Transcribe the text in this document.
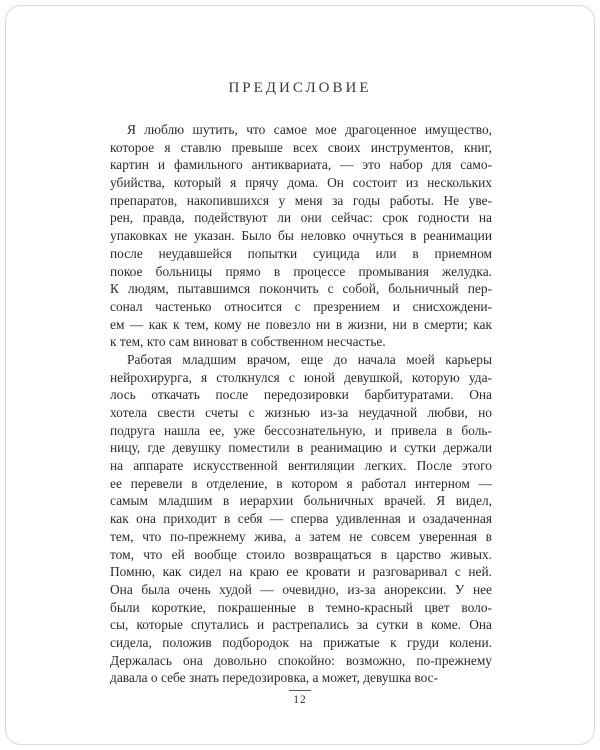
ПРЕДИСЛОВИЕ
Я люблю шутить, что самое мое драгоценное имущество,
которое я ставлю превыше всех своих инструментов, книг,
картин и фамильного антиквариата, — это набор для само-
убийства, который я прячу дома. Он состоит из нескольких
препаратов, накопившихся у меня за годы работы. Не уве-
рен, правда, подействуют ли они сейчас: срок годности на
упаковках не указан. Было бы неловко очнуться в реанимации
после неудавшейся попытки суицида или в приемном
покое больницы прямо в процессе промывания желудка.
К людям, пытавшимся покончить с собой, больничный пер-
сонал частенько относится с презрением и снисхождени-
ем — как к тем, кому не повезло ни в жизни, ни в смерти; как
к тем, кто сам виноват в собственном несчастье.
Работая младшим врачом, еще до начала моей карьеры
нейрохирурга, я столкнулся с юной девушкой, которую уда-
лось откачать после передозировки барбитуратами. Она
хотела свести счеты с жизнью из-за неудачной любви, но
подруга нашла ее, уже бессознательную, и привела в боль-
ницу, где девушку поместили в реанимацию и сутки держали
на аппарате искусственной вентиляции легких. После этого
ее перевели в отделение, в котором я работал интерном —
самым младшим в иерархии больничных врачей. Я видел,
как она приходит в себя — сперва удивленная и озадаченная
тем, что по-прежнему жива, а затем не совсем уверенная в
том, что ей вообще стоило возвращаться в царство живых.
Помню, как сидел на краю ее кровати и разговаривал с ней.
Она была очень худой — очевидно, из-за анорексии. У нее
были короткие, покрашенные в темно-красный цвет воло-
сы, которые спутались и растрепались за сутки в коме. Она
сидела, положив подбородок на прижатые к груди колени.
Держалась она довольно спокойно: возможно, по-прежнему
давала о себе знать передозировка, а может, девушка вос-
12
